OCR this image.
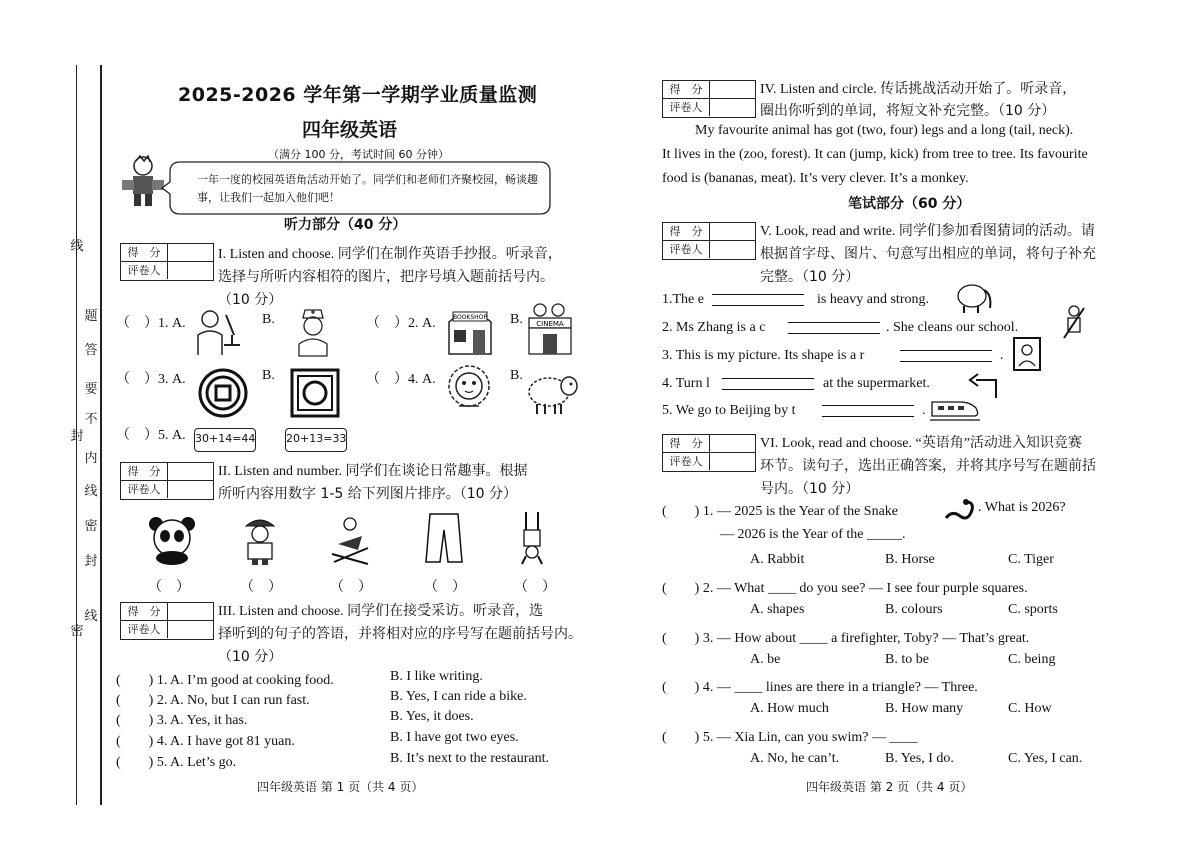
线
题
答
要
不
内
线
封
密
封
线
密
2025-2026 学年第一学期学业质量监测
四年级英语
（满分 100 分，考试时间 60 分钟）
一年一度的校园英语角活动开始了。同学们和老师们齐聚校园，畅谈趣
事，让我们一起加入他们吧！
听力部分（40 分）
得　分
评卷人
I. Listen and choose. 同学们在制作英语手抄报。听录音，
选择与所听内容相符的图片，把序号填入题前括号内。
（10 分）
（　）1. A.	B.	（　）2. A.	BOOKSHOP B. CINEMA
（　）3. A.	B.	（　）4. A.	B.
（　）5. A. 30+14=44	20+13=33
得　分
评卷人
II. Listen and number. 同学们在谈论日常趣事。根据
所听内容用数字 1-5 给下列图片排序。（10 分）
（　）	（　）	（　）	（　）	（　）
得　分
评卷人
III. Listen and choose. 同学们在接受采访。听录音，选
择听到的句子的答语，并将相对应的序号写在题前括号内。
（10 分）
(　　) 1. A. I’m good at cooking food.	B. I like writing.
(　　) 2. A. No, but I can run fast.	B. Yes, I can ride a bike.
(　　) 3. A. Yes, it has.	B. Yes, it does.
(　　) 4. A. I have got 81 yuan.	B. I have got two eyes.
(　　) 5. A. Let’s go.	B. It’s next to the restaurant.
四年级英语 第 1 页（共 4 页）
得　分
评卷人
IV. Listen and circle. 传话挑战活动开始了。听录音，
圈出你听到的单词，将短文补充完整。（10 分）
My favourite animal has got (two, four) legs and a long (tail, neck).
It lives in the (zoo, forest). It can (jump, kick) from tree to tree. Its favourite
food is (bananas, meat). It’s very clever. It’s a monkey.
笔试部分（60 分）
得　分
评卷人
V. Look, read and write. 同学们参加看图猜词的活动。请
根据首字母、图片、句意写出相应的单词，将句子补充
完整。（10 分）
1.The e	is heavy and strong.
2. Ms Zhang is a c	. She cleans our school.
3. This is my picture. Its shape is a r	.
4. Turn l	at the supermarket.
5. We go to Beijing by t	.
得　分
评卷人
VI. Look, read and choose. “英语角”活动进入知识竞赛
环节。读句子，选出正确答案，并将其序号写在题前括
号内。（10 分）
(　　) 1. — 2025 is the Year of the Snake	. What is 2026?
— 2026 is the Year of the _____.
A. Rabbit	B. Horse	C. Tiger
(　　) 2. — What ____ do you see? — I see four purple squares.
A. shapes	B. colours	C. sports
(　　) 3. — How about ____ a firefighter, Toby? — That’s great.
A. be	B. to be	C. being
(　　) 4. — ____ lines are there in a triangle? — Three.
A. How much	B. How many	C. How
(　　) 5. — Xia Lin, can you swim? — ____
A. No, he can’t.	B. Yes, I do.	C. Yes, I can.
四年级英语 第 2 页（共 4 页）
